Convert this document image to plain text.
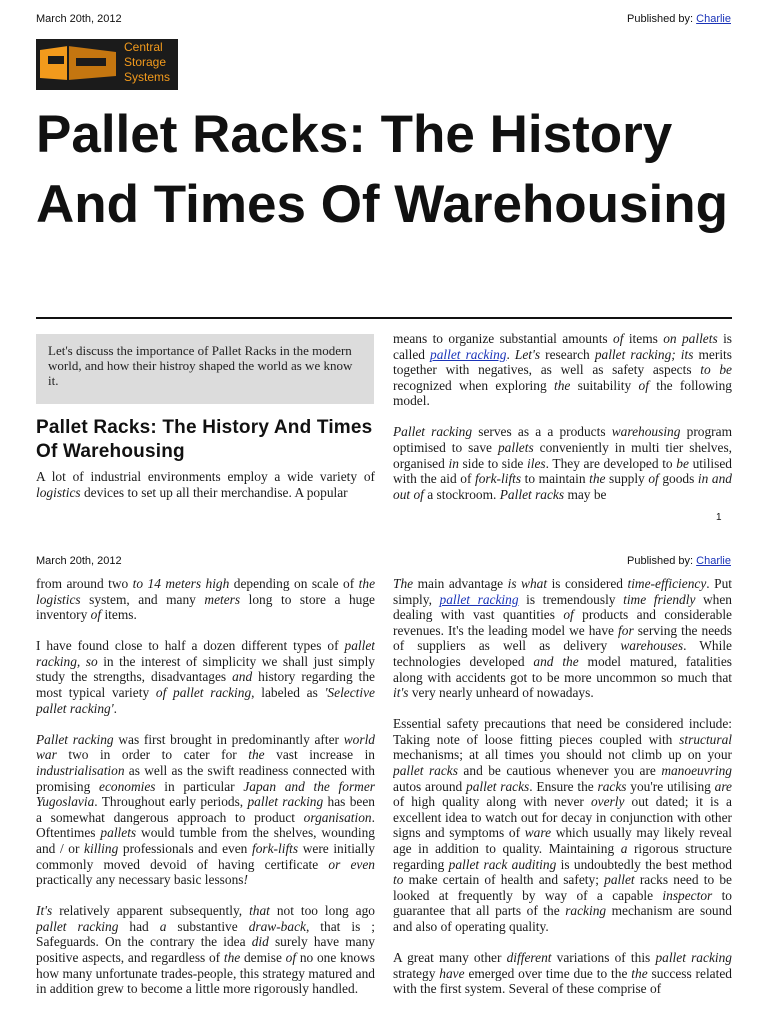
March 20th, 2012	Published by: Charlie
Central
Storage
Systems
Pallet Racks: The History And Times Of Warehousing
Let's discuss the importance of Pallet Racks in the modern world, and how their histroy shaped the world as we know it.
Pallet Racks: The History And Times Of Warehousing

A lot of industrial environments employ a wide variety of logistics devices to set up all their merchandise. A popular

means to organize substantial amounts of items on pallets is called pallet racking. Let's research pallet racking; its merits together with negatives, as well as safety aspects to be recognized when exploring the suitability of the following model.

Pallet racking serves as a a products warehousing program optimised to save pallets conveniently in multi tier shelves, organised in side to side iles. They are developed to be utilised with the aid of fork-lifts to maintain the supply of goods in and out of a stockroom. Pallet racks may be

1
March 20th, 2012	Published by: Charlie

from around two to 14 meters high depending on scale of the logistics system, and many meters long to store a huge inventory of items.

I have found close to half a dozen different types of pallet racking, so in the interest of simplicity we shall just simply study the strengths, disadvantages and history regarding the most typical variety of pallet racking, labeled as 'Selective pallet racking'.

Pallet racking was first brought in predominantly after world war two in order to cater for the vast increase in industrialisation as well as the swift readiness connected with promising economies in particular Japan and the former Yugoslavia. Throughout early periods, pallet racking has been a somewhat dangerous approach to product organisation. Oftentimes pallets would tumble from the shelves, wounding and / or killing professionals and even fork-lifts were initially commonly moved devoid of having certificate or even practically any necessary basic lessons!

It's relatively apparent subsequently, that not too long ago pallet racking had a substantive draw-back, that is ; Safeguards. On the contrary the idea did surely have many positive aspects, and regardless of the demise of no one knows how many unfortunate trades-people, this strategy matured and in addition grew to become a little more rigorously handled.

The main advantage is what is considered time-efficiency. Put simply, pallet racking is tremendously time friendly when dealing with vast quantities of products and considerable revenues. It's the leading model we have for serving the needs of suppliers as well as delivery warehouses. While technologies developed and the model matured, fatalities along with accidents got to be more uncommon so much that it's very nearly unheard of nowadays.

Essential safety precautions that need be considered include: Taking note of loose fitting pieces coupled with structural mechanisms; at all times you should not climb up on your pallet racks and be cautious whenever you are manoeuvring autos around pallet racks. Ensure the racks you're utilising are of high quality along with never overly out dated; it is a excellent idea to watch out for decay in conjunction with other signs and symptoms of ware which usually may likely reveal age in addition to quality. Maintaining a rigorous structure regarding pallet rack auditing is undoubtedly the best method to make certain of health and safety; pallet racks need to be looked at frequently by way of a capable inspector to guarantee that all parts of the racking mechanism are sound and also of operating quality.

A great many other different variations of this pallet racking strategy have emerged over time due to the the success related with the first system. Several of these comprise of
